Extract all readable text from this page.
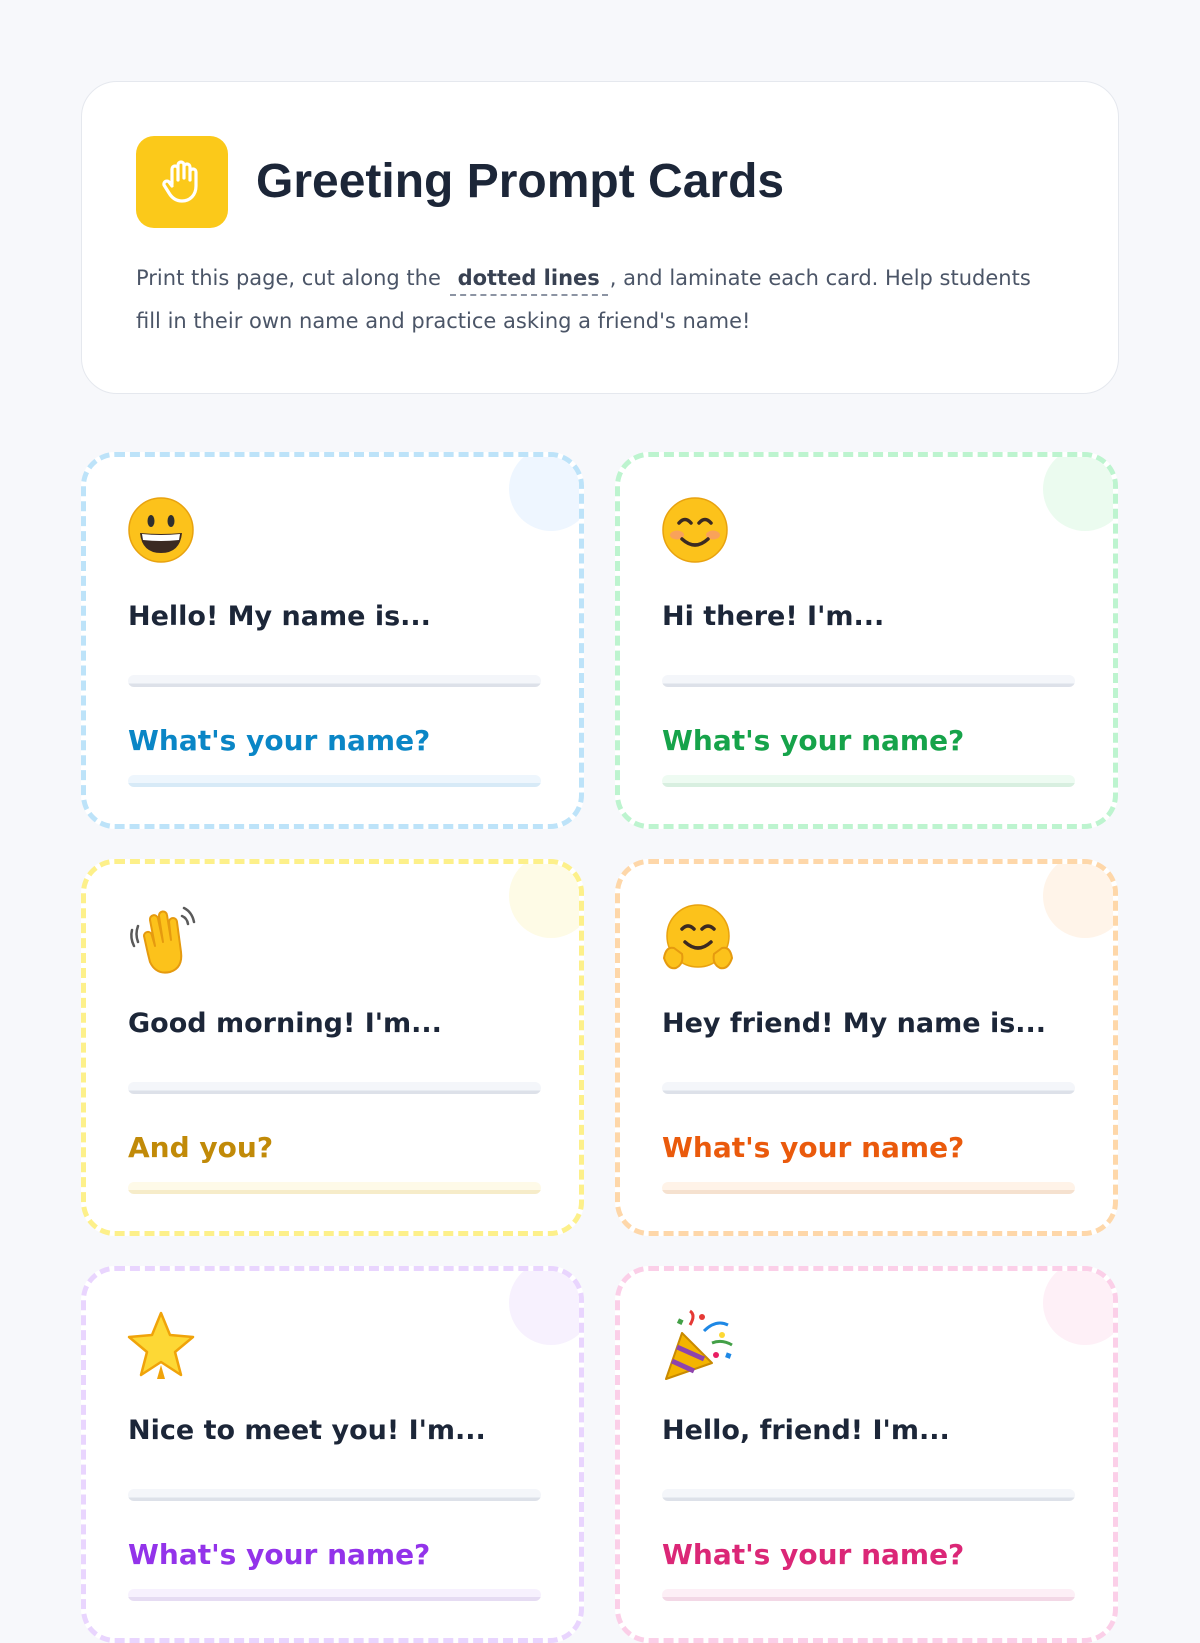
Greeting Prompt Cards
Print this page, cut along the dotted lines , and laminate each card. Help students fill in their own name and practice asking a friend's name!
Hello! My name is...
What's your name?
Hi there! I'm...
What's your name?
Good morning! I'm...
And you?
Hey friend! My name is...
What's your name?
Nice to meet you! I'm...
What's your name?
Hello, friend! I'm...
What's your name?
